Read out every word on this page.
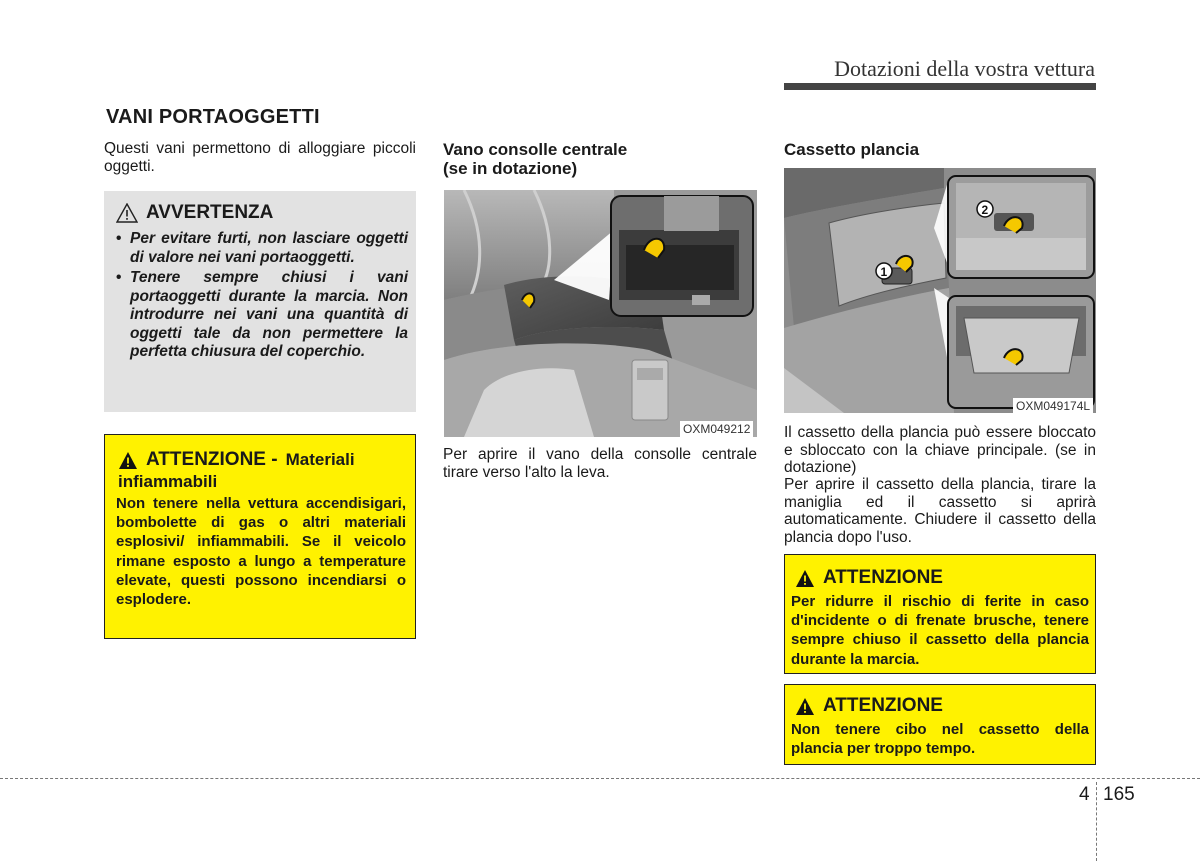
Dotazioni della vostra vettura
VANI PORTAOGGETTI
Questi vani permettono di alloggiare piccoli oggetti.
AVVERTENZA
• Per evitare furti, non lasciare oggetti di valore nei vani portaoggetti.
• Tenere sempre chiusi i vani portaoggetti durante la marcia. Non introdurre nei vani una quantità di oggetti tale da non permettere la perfetta chiusura del coperchio.
ATTENZIONE - Materiali
infiammabili
Non tenere nella vettura accendisigari, bombolette di gas o altri materiali esplosivi/ infiammabili. Se il veicolo rimane esposto a lungo a temperature elevate, questi possono incendiarsi o esplodere.
Vano consolle centrale
(se in dotazione)
OXM049212
Per aprire il vano della consolle centrale tirare verso l'alto la leva.
Cassetto plancia
1
2
OXM049174L
Il cassetto della plancia può essere bloccato e sbloccato con la chiave principale. (se in dotazione)
Per aprire il cassetto della plancia, tirare la maniglia ed il cassetto si aprirà automaticamente. Chiudere il cassetto della plancia dopo l'uso.
ATTENZIONE
Per ridurre il rischio di ferite in caso d'incidente o di frenate brusche, tenere sempre chiuso il cassetto della plancia durante la marcia.
ATTENZIONE
Non tenere cibo nel cassetto della plancia per troppo tempo.
4 165
